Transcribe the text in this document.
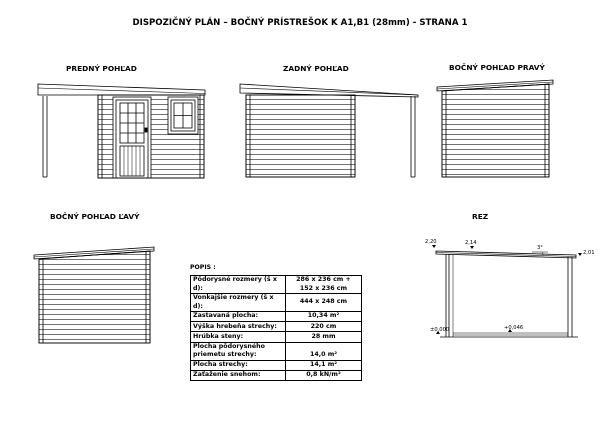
DISPOZIČNÝ PLÁN – BOČNÝ PRÍSTREŠOK K A1,B1 (28mm) - STRANA 1
PREDNÝ POHĽAD	ZADNÝ POHĽAD	BOČNÝ POHĽAD PRAVÝ
BOČNÝ POHĽAD ĽAVÝ	REZ
POPIS :
2,20	2,14
3°
2,01
±0,000	+0,046
Pôdorysné rozmery (š x d):	286 x 236 cm +
152 x 236 cm
Vonkajšie rozmery (š x d):	444 x 248 cm
Zastavaná plocha:	10,34 m²
Výška hrebeňa strechy:	220 cm
Hrúbka steny:	28 mm
Plocha pôdorysného priemetu strechy:	14,0 m²
Plocha strechy:	14,1 m²
Zaťaženie snehom:	0,8 kN/m²
